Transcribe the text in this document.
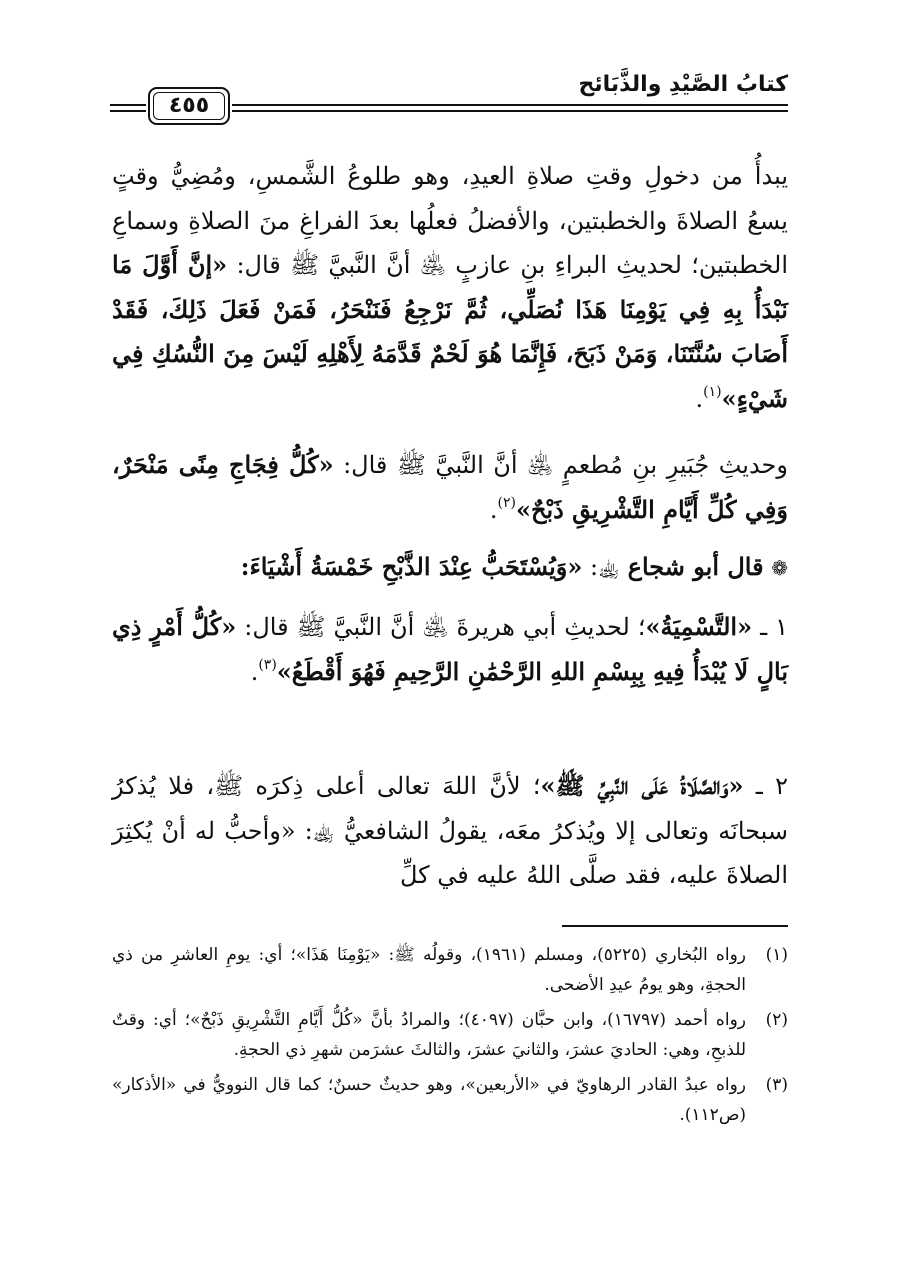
كتابُ الصَّيْدِ والذَّبَائح
٤٥٥
يبدأُ من دخولِ وقتِ صلاةِ العيدِ، وهو طلوعُ الشَّمسِ، ومُضِيُّ وقتٍ يسعُ الصلاةَ والخطبتين، والأفضلُ فعلُها بعدَ الفراغِ منَ الصلاةِ وسماعِ الخطبتين؛ لحديثِ البراءِ بنِ عازبٍ ﵁ أنَّ النَّبيَّ ﷺ قال: «إنَّ أَوَّلَ مَا نَبْدَأُ بِهِ فِي يَوْمِنَا هَذَا نُصَلِّي، ثُمَّ نَرْجِعُ فَنَنْحَرُ، فَمَنْ فَعَلَ ذَلِكَ، فَقَدْ أَصَابَ سُنَّتَنَا، وَمَنْ ذَبَحَ، فَإِنَّمَا هُوَ لَحْمٌ قَدَّمَهُ لِأَهْلِهِ لَيْسَ مِنَ النُّسُكِ فِي شَيْءٍ»$^{(١)}$.
وحديثِ جُبَيرِ بنِ مُطعمٍ ﵁ أنَّ النَّبيَّ ﷺ قال: «كُلُّ فِجَاجِ مِنًى مَنْحَرٌ، وَفِي كُلِّ أَيَّامِ التَّشْرِيقِ ذَبْحٌ»$^{(٢)}$.
❁ قال أبو شجاع ﵀: «وَيُسْتَحَبُّ عِنْدَ الذَّبْحِ خَمْسَةُ أَشْيَاءَ:
١ ـ «التَّسْمِيَةُ»؛ لحديثِ أبي هريرةَ ﵁ أنَّ النَّبيَّ ﷺ قال: «كُلُّ أَمْرٍ ذِي بَالٍ لَا يُبْدَأُ فِيهِ بِبِسْمِ اللهِ الرَّحْمَٰنِ الرَّحِيمِ فَهُوَ أَقْطَعُ»$^{(٣)}$.
٢ ـ «وَالصَّلَاةُ عَلَى النَّبِيِّ ﷺ»؛ لأنَّ اللهَ تعالى أعلى ذِكرَه ﷺ، فلا يُذكرُ سبحانَه وتعالى إلا ويُذكرُ معَه، يقولُ الشافعيُّ ﵀: «وأحبُّ له أنْ يُكثِرَ الصلاةَ عليه، فقد صلَّى اللهُ عليه في كلِّ
(١)
رواه البُخاري (٥٢٢٥)، ومسلم (١٩٦١)، وقولُه ﷺ: «يَوْمِنَا هَذَا»؛ أي: يومِ العاشرِ من ذي الحجةِ، وهو يومُ عيدِ الأضحى.
(٢)
رواه أحمد (١٦٧٩٧)، وابن حبَّان (٤٠٩٧)؛ والمرادُ بأنَّ «كُلُّ أَيَّامِ التَّشْرِيقِ ذَبْحٌ»؛ أي: وقتٌ للذبحِ، وهي: الحاديَ عشرَ، والثانيَ عشرَ، والثالثَ عشرَمن شهرِ ذي الحجةِ.
(٣)
رواه عبدُ القادر الرهاويّ في «الأربعين»، وهو حديثٌ حسنٌ؛ كما قال النوويُّ في «الأذكار» (ص١١٢).
